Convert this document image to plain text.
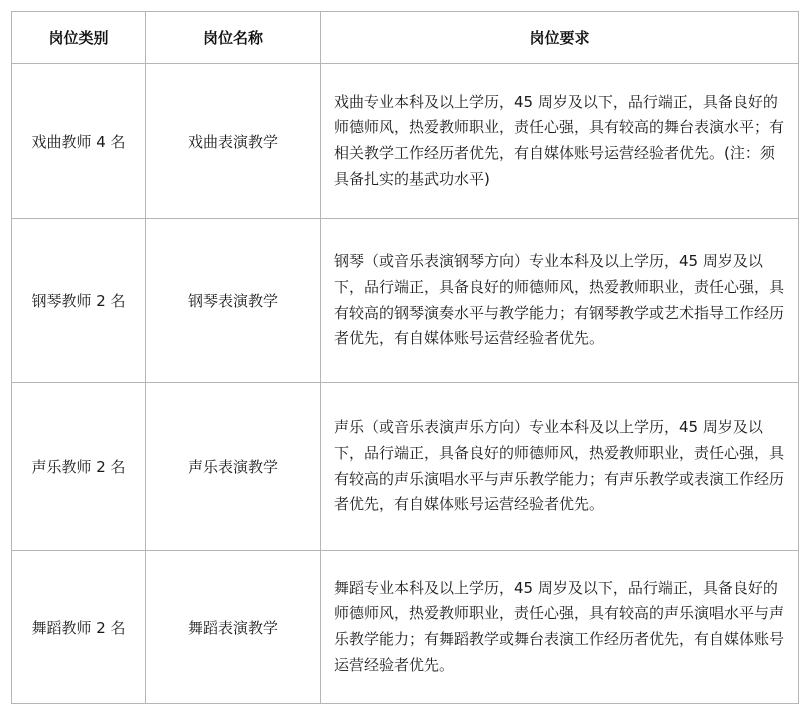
岗位类别	岗位名称	岗位要求
戏曲教师 4 名	戏曲表演教学	戏曲专业本科及以上学历，45 周岁及以下，品行端正，具备良好的师德师风，热爱教师职业，责任心强，具有较高的舞台表演水平；有相关教学工作经历者优先，有自媒体账号运营经验者优先。(注：须具备扎实的基武功水平)
钢琴教师 2 名	钢琴表演教学	钢琴（或音乐表演钢琴方向）专业本科及以上学历，45 周岁及以下，品行端正，具备良好的师德师风，热爱教师职业，责任心强，具有较高的钢琴演奏水平与教学能力；有钢琴教学或艺术指导工作经历者优先，有自媒体账号运营经验者优先。
声乐教师 2 名	声乐表演教学	声乐（或音乐表演声乐方向）专业本科及以上学历，45 周岁及以下，品行端正，具备良好的师德师风，热爱教师职业，责任心强，具有较高的声乐演唱水平与声乐教学能力；有声乐教学或表演工作经历者优先，有自媒体账号运营经验者优先。
舞蹈教师 2 名	舞蹈表演教学	舞蹈专业本科及以上学历，45 周岁及以下，品行端正，具备良好的师德师风，热爱教师职业，责任心强，具有较高的声乐演唱水平与声乐教学能力；有舞蹈教学或舞台表演工作经历者优先，有自媒体账号运营经验者优先。
